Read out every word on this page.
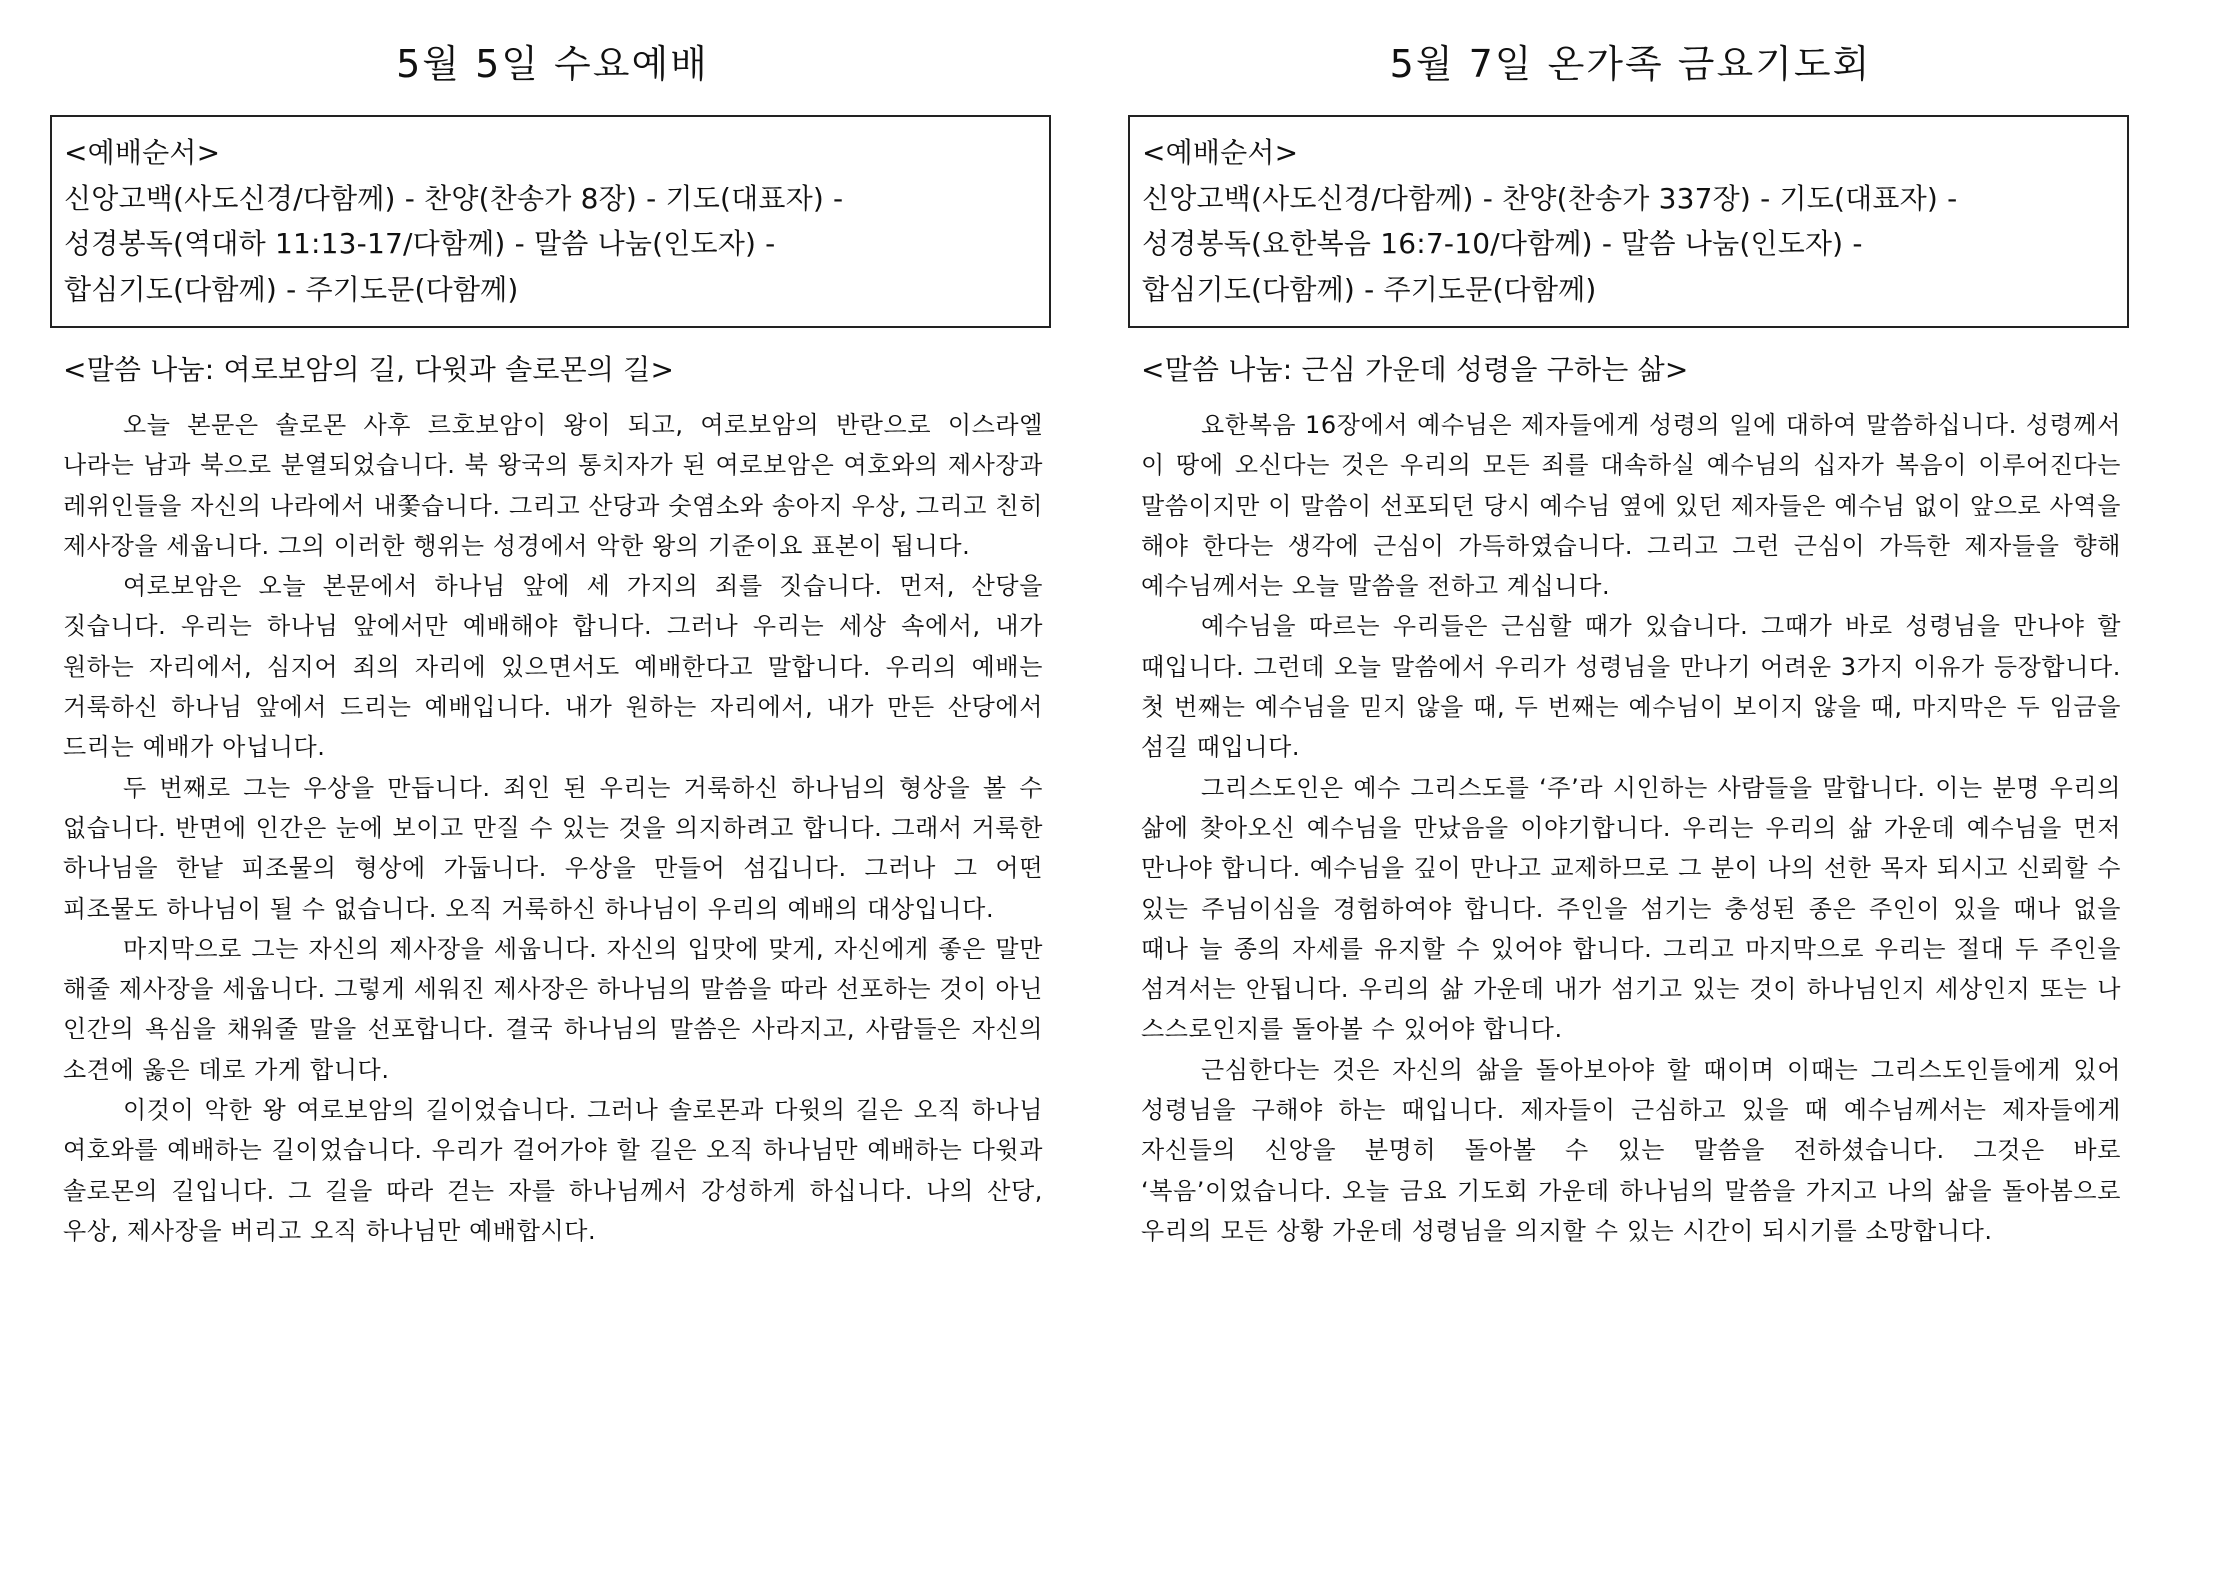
5월 5일 수요예배
<예배순서>
신앙고백(사도신경/다함께) - 찬양(찬송가 8장) - 기도(대표자) -
성경봉독(역대하 11:13-17/다함께) - 말씀 나눔(인도자) -
합심기도(다함께) - 주기도문(다함께)
<말씀 나눔: 여로보암의 길, 다윗과 솔로몬의 길>

오늘 본문은 솔로몬 사후 르호보암이 왕이 되고, 여로보암의 반란으로 이스라엘 나라는 남과 북으로 분열되었습니다. 북 왕국의 통치자가 된 여로보암은 여호와의 제사장과 레위인들을 자신의 나라에서 내쫓습니다. 그리고 산당과 숫염소와 송아지 우상, 그리고 친히 제사장을 세웁니다. 그의 이러한 행위는 성경에서 악한 왕의 기준이요 표본이 됩니다.

여로보암은 오늘 본문에서 하나님 앞에 세 가지의 죄를 짓습니다. 먼저, 산당을 짓습니다. 우리는 하나님 앞에서만 예배해야 합니다. 그러나 우리는 세상 속에서, 내가 원하는 자리에서, 심지어 죄의 자리에 있으면서도 예배한다고 말합니다. 우리의 예배는 거룩하신 하나님 앞에서 드리는 예배입니다. 내가 원하는 자리에서, 내가 만든 산당에서 드리는 예배가 아닙니다.

두 번째로 그는 우상을 만듭니다. 죄인 된 우리는 거룩하신 하나님의 형상을 볼 수 없습니다. 반면에 인간은 눈에 보이고 만질 수 있는 것을 의지하려고 합니다. 그래서 거룩한 하나님을 한낱 피조물의 형상에 가둡니다. 우상을 만들어 섬깁니다. 그러나 그 어떤 피조물도 하나님이 될 수 없습니다. 오직 거룩하신 하나님이 우리의 예배의 대상입니다.

마지막으로 그는 자신의 제사장을 세웁니다. 자신의 입맛에 맞게, 자신에게 좋은 말만 해줄 제사장을 세웁니다. 그렇게 세워진 제사장은 하나님의 말씀을 따라 선포하는 것이 아닌 인간의 욕심을 채워줄 말을 선포합니다. 결국 하나님의 말씀은 사라지고, 사람들은 자신의 소견에 옳은 데로 가게 합니다.

이것이 악한 왕 여로보암의 길이었습니다. 그러나 솔로몬과 다윗의 길은 오직 하나님 여호와를 예배하는 길이었습니다. 우리가 걸어가야 할 길은 오직 하나님만 예배하는 다윗과 솔로몬의 길입니다. 그 길을 따라 걷는 자를 하나님께서 강성하게 하십니다. 나의 산당, 우상, 제사장을 버리고 오직 하나님만 예배합시다.

5월 7일 온가족 금요기도회
<예배순서>
신앙고백(사도신경/다함께) - 찬양(찬송가 337장) - 기도(대표자) -
성경봉독(요한복음 16:7-10/다함께) - 말씀 나눔(인도자) -
합심기도(다함께) - 주기도문(다함께)
<말씀 나눔: 근심 가운데 성령을 구하는 삶>

요한복음 16장에서 예수님은 제자들에게 성령의 일에 대하여 말씀하십니다. 성령께서 이 땅에 오신다는 것은 우리의 모든 죄를 대속하실 예수님의 십자가 복음이 이루어진다는 말씀이지만 이 말씀이 선포되던 당시 예수님 옆에 있던 제자들은 예수님 없이 앞으로 사역을 해야 한다는 생각에 근심이 가득하였습니다. 그리고 그런 근심이 가득한 제자들을 향해 예수님께서는 오늘 말씀을 전하고 계십니다.

예수님을 따르는 우리들은 근심할 때가 있습니다. 그때가 바로 성령님을 만나야 할 때입니다. 그런데 오늘 말씀에서 우리가 성령님을 만나기 어려운 3가지 이유가 등장합니다. 첫 번째는 예수님을 믿지 않을 때, 두 번째는 예수님이 보이지 않을 때, 마지막은 두 임금을 섬길 때입니다.

그리스도인은 예수 그리스도를 ‘주’라 시인하는 사람들을 말합니다. 이는 분명 우리의 삶에 찾아오신 예수님을 만났음을 이야기합니다. 우리는 우리의 삶 가운데 예수님을 먼저 만나야 합니다. 예수님을 깊이 만나고 교제하므로 그 분이 나의 선한 목자 되시고 신뢰할 수 있는 주님이심을 경험하여야 합니다. 주인을 섬기는 충성된 종은 주인이 있을 때나 없을 때나 늘 종의 자세를 유지할 수 있어야 합니다. 그리고 마지막으로 우리는 절대 두 주인을 섬겨서는 안됩니다. 우리의 삶 가운데 내가 섬기고 있는 것이 하나님인지 세상인지 또는 나 스스로인지를 돌아볼 수 있어야 합니다.

근심한다는 것은 자신의 삶을 돌아보아야 할 때이며 이때는 그리스도인들에게 있어 성령님을 구해야 하는 때입니다. 제자들이 근심하고 있을 때 예수님께서는 제자들에게 자신들의 신앙을 분명히 돌아볼 수 있는 말씀을 전하셨습니다. 그것은 바로 ‘복음’이었습니다. 오늘 금요 기도회 가운데 하나님의 말씀을 가지고 나의 삶을 돌아봄으로 우리의 모든 상황 가운데 성령님을 의지할 수 있는 시간이 되시기를 소망합니다.
